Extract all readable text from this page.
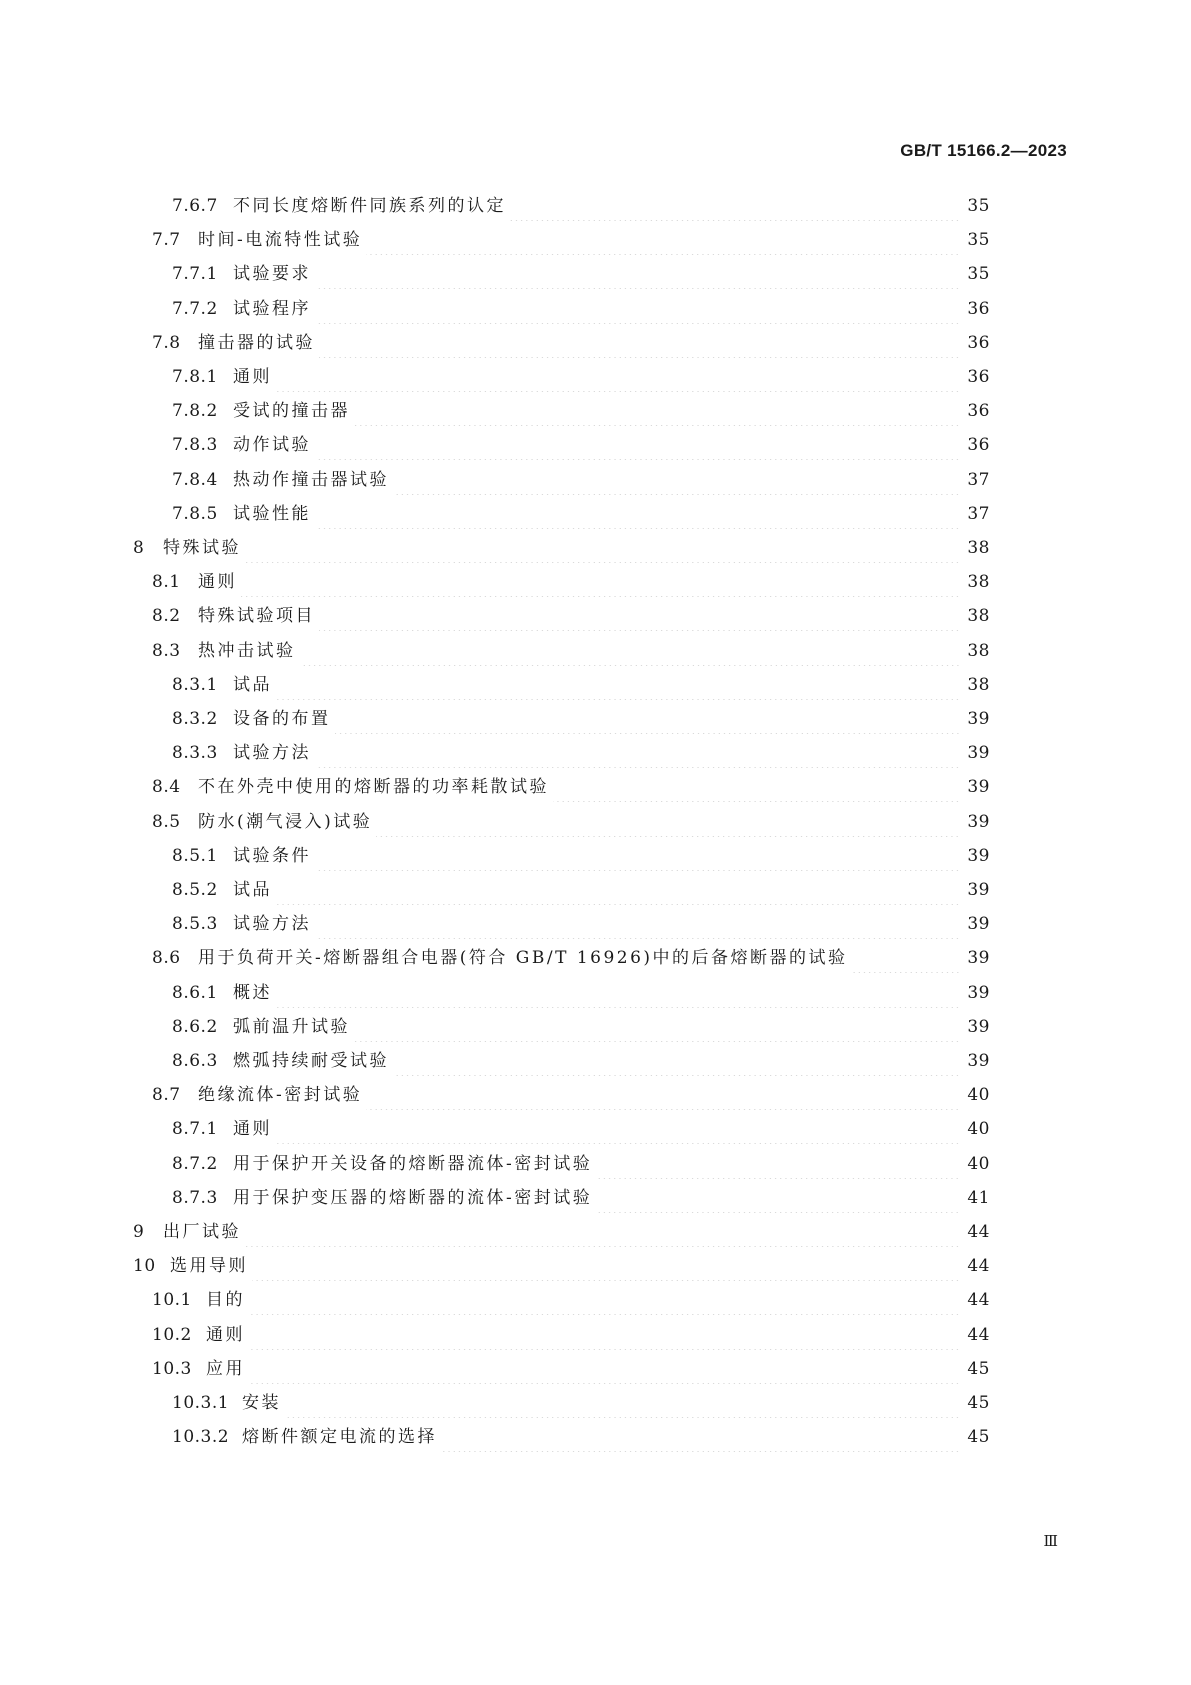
GB/T 15166.2—2023
7.6.7 不同长度熔断件同族系列的认定	35
7.7	时间-电流特性试验	35
7.7.1 试验要求	35
7.7.2 试验程序	36
7.8	撞击器的试验	36
7.8.1 通则	36
7.8.2 受试的撞击器	36
7.8.3 动作试验	36
7.8.4 热动作撞击器试验	37
7.8.5 试验性能	37
8	特殊试验	38
8.1	通则	38
8.2	特殊试验项目	38
8.3	热冲击试验	38
8.3.1 试品	38
8.3.2 设备的布置	39
8.3.3 试验方法	39
8.4	不在外壳中使用的熔断器的功率耗散试验	39
8.5	防水(潮气浸入)试验	39
8.5.1 试验条件	39
8.5.2 试品	39
8.5.3 试验方法	39
8.6	用于负荷开关-熔断器组合电器(符合 GB/T 16926)中的后备熔断器的试验	39
8.6.1 概述	39
8.6.2 弧前温升试验	39
8.6.3 燃弧持续耐受试验	39
8.7	绝缘流体-密封试验	40
8.7.1 通则	40
8.7.2 用于保护开关设备的熔断器流体-密封试验	40
8.7.3 用于保护变压器的熔断器的流体-密封试验	41
9	出厂试验	44
10 选用导则	44
10.1 目的	44
10.2 通则	44
10.3 应用	45
10.3.1 安装	45
10.3.2 熔断件额定电流的选择	45
Ⅲ
